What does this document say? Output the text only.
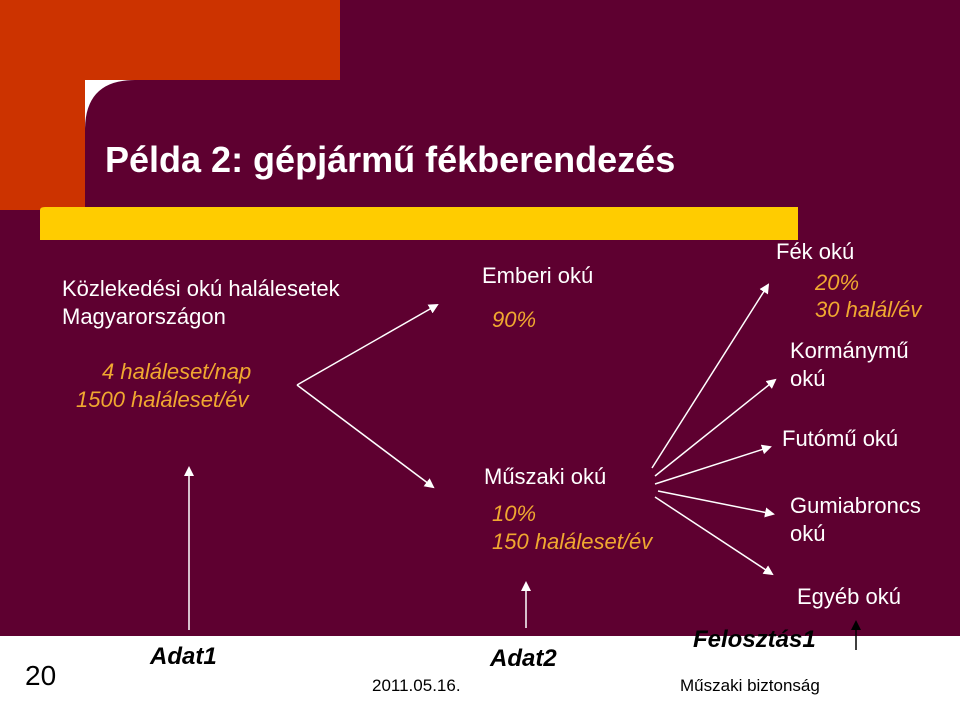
Példa 2: gépjármű fékberendezés
Közlekedési okú halálesetek
Magyarországon
4 haláleset/nap
1500 haláleset/év
Emberi okú
90%
Műszaki okú
10%
150 haláleset/év
Fék okú
20%
30 halál/év
Kormánymű
okú
Futómű okú
Gumiabroncs
okú
Egyéb okú
Adat1	Adat2
Felosztás1
20	2011.05.16.	Műszaki biztonság
